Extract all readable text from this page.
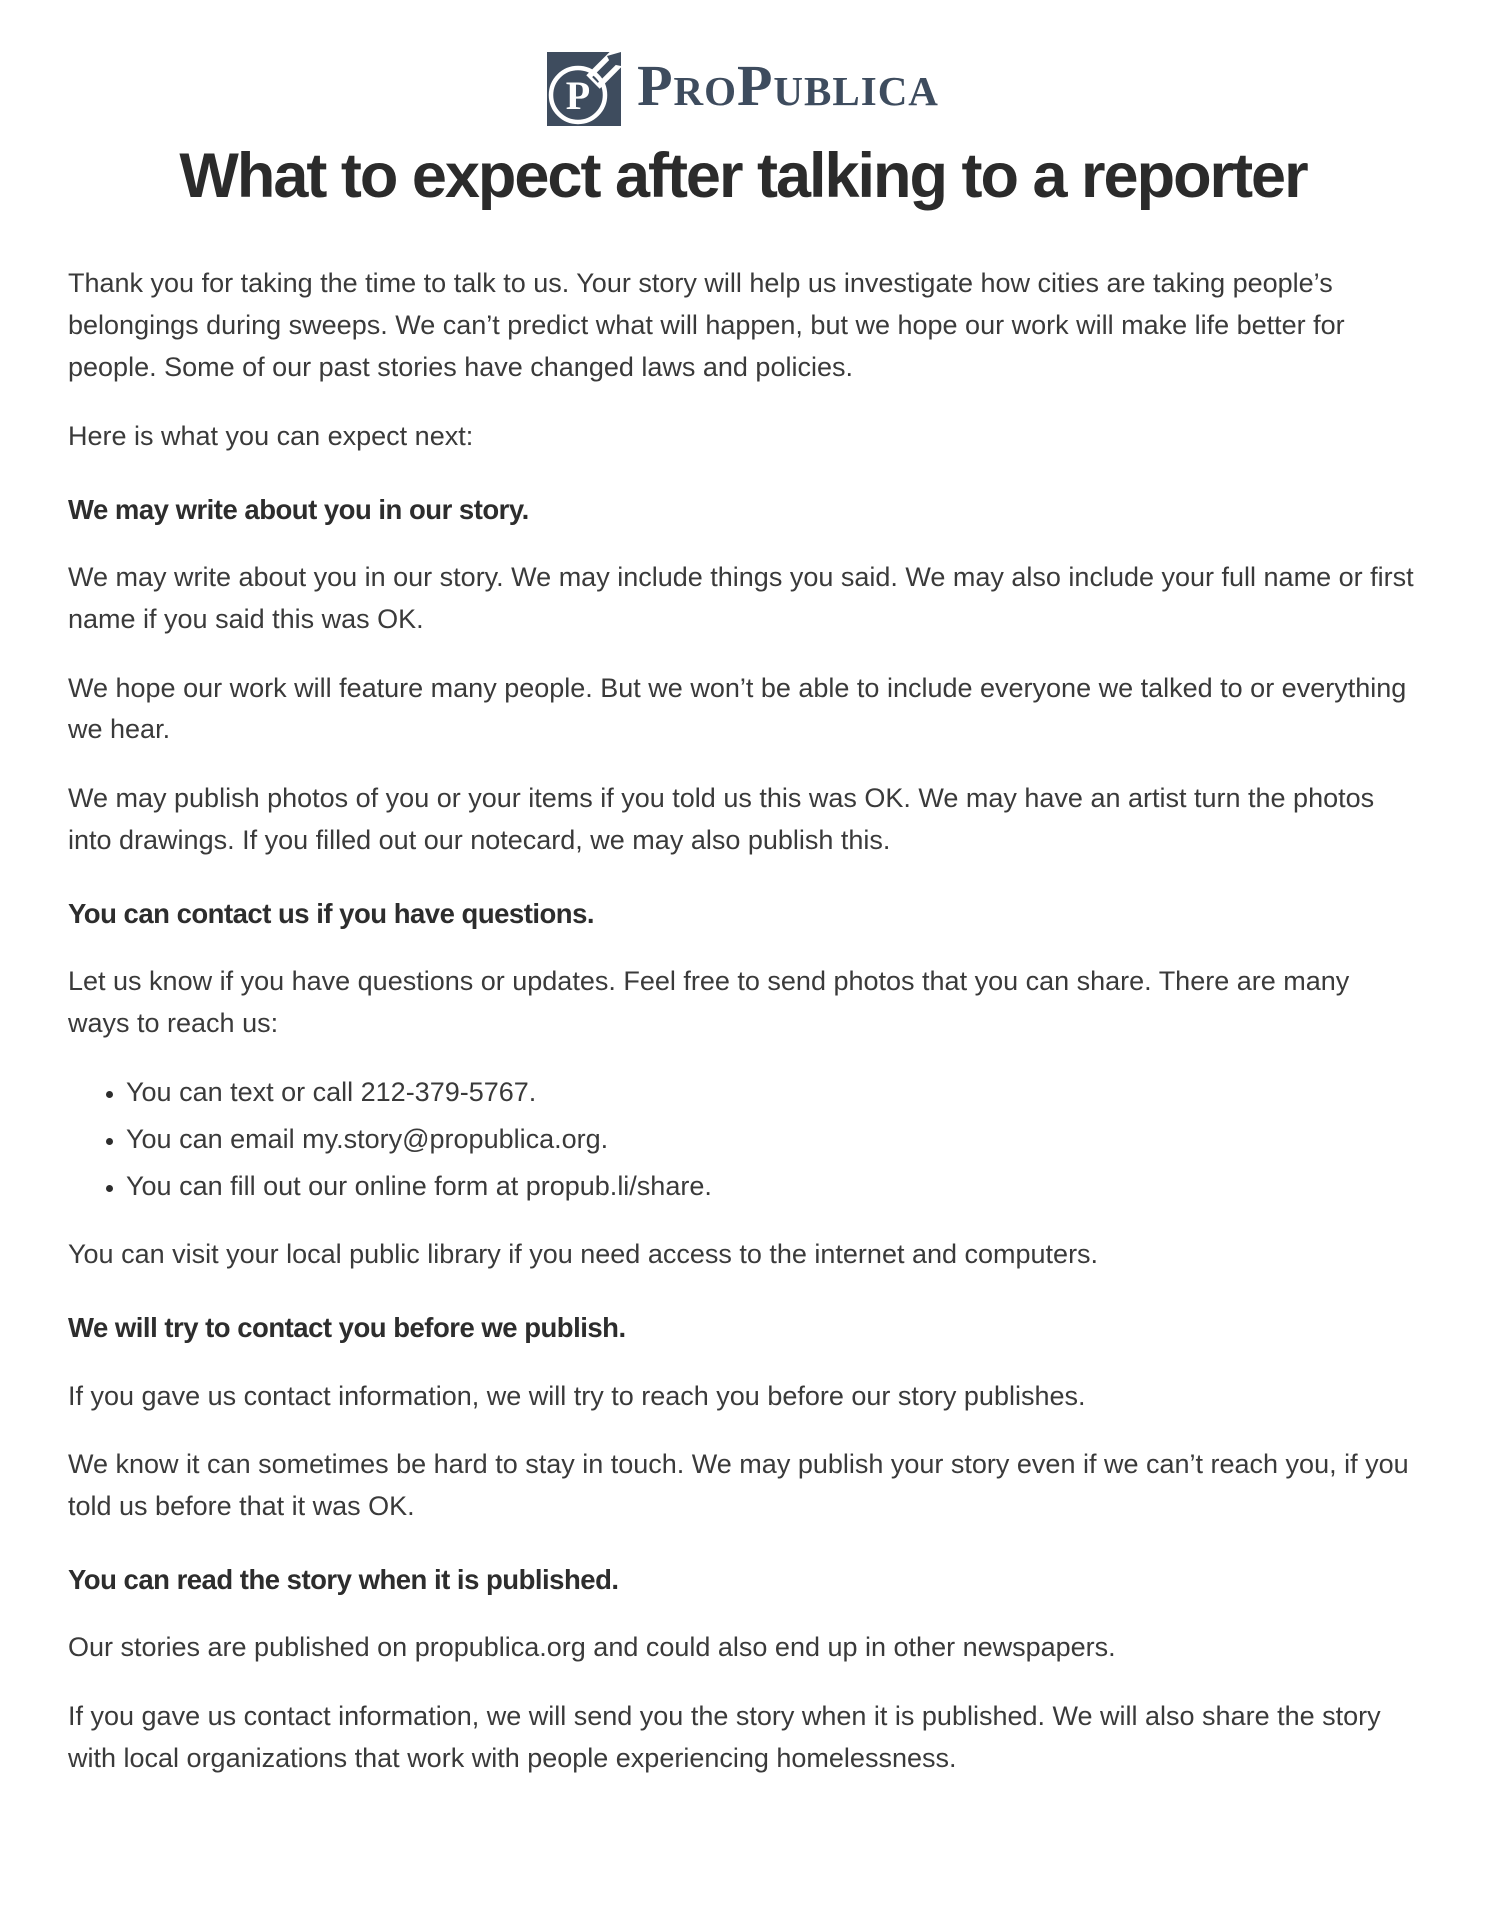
P ProPublica
What to expect after talking to a reporter

Thank you for taking the time to talk to us. Your story will help us investigate how cities are taking people’s belongings during sweeps. We can’t predict what will happen, but we hope our work will make life better for people. Some of our past stories have changed laws and policies.

Here is what you can expect next:

We may write about you in our story.

We may write about you in our story. We may include things you said. We may also include your full name or first name if you said this was OK.

We hope our work will feature many people. But we won’t be able to include everyone we talked to or everything we hear.

We may publish photos of you or your items if you told us this was OK. We may have an artist turn the photos into drawings. If you filled out our notecard, we may also publish this.

You can contact us if you have questions.

Let us know if you have questions or updates. Feel free to send photos that you can share. There are many ways to reach us:

• You can text or call 212-379-5767.
• You can email my.story@propublica.org.
• You can fill out our online form at propub.li/share.

You can visit your local public library if you need access to the internet and computers.

We will try to contact you before we publish.

If you gave us contact information, we will try to reach you before our story publishes.

We know it can sometimes be hard to stay in touch. We may publish your story even if we can’t reach you, if you told us before that it was OK.

You can read the story when it is published.

Our stories are published on propublica.org and could also end up in other newspapers.

If you gave us contact information, we will send you the story when it is published. We will also share the story with local organizations that work with people experiencing homelessness.
